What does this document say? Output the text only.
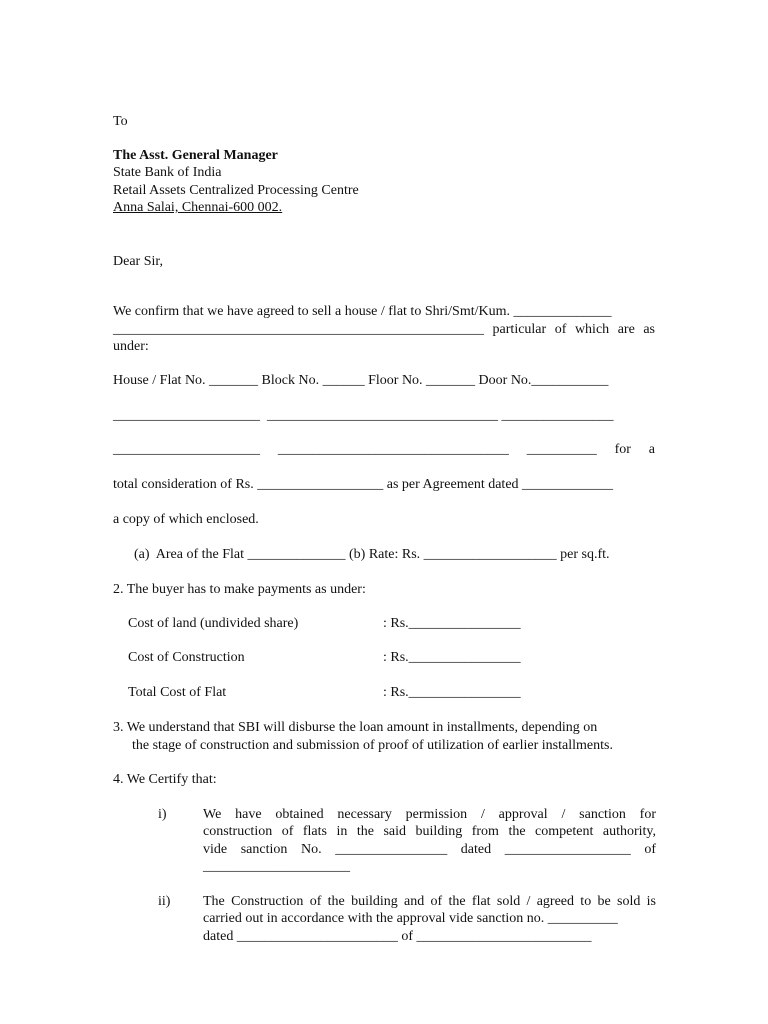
To
The Asst. General Manager
State Bank of India
Retail Assets Centralized Processing Centre
Anna Salai, Chennai-600 002.
Dear Sir,
We confirm that we have agreed to sell a house / flat to Shri/Smt/Kum. ______________
_____________________________________________________ particular of which are as
under:
House / Flat No. _______ Block No. ______ Floor No. _______ Door No.___________
_____________________  _________________________________ ________________
_____________________ _________________________________ __________ for a
total consideration of Rs. __________________ as per Agreement dated _____________
a copy of which enclosed.
(a)  Area of the Flat ______________ (b) Rate: Rs. ___________________ per sq.ft.
2. The buyer has to make payments as under:
Cost of land (undivided share)	: Rs.________________
Cost of Construction	: Rs.________________
Total Cost of Flat	: Rs.________________
3. We understand that SBI will disburse the loan amount in installments, depending on
the stage of construction and submission of proof of utilization of earlier installments.
4. We Certify that:
i)	We have obtained necessary permission / approval / sanction for
construction of flats in the said building from the competent authority,
vide sanction No. ________________ dated __________________ of
_____________________
ii) The Construction of the building and of the flat sold / agreed to be sold is
carried out in accordance with the approval vide sanction no. __________
dated _______________________ of _________________________
